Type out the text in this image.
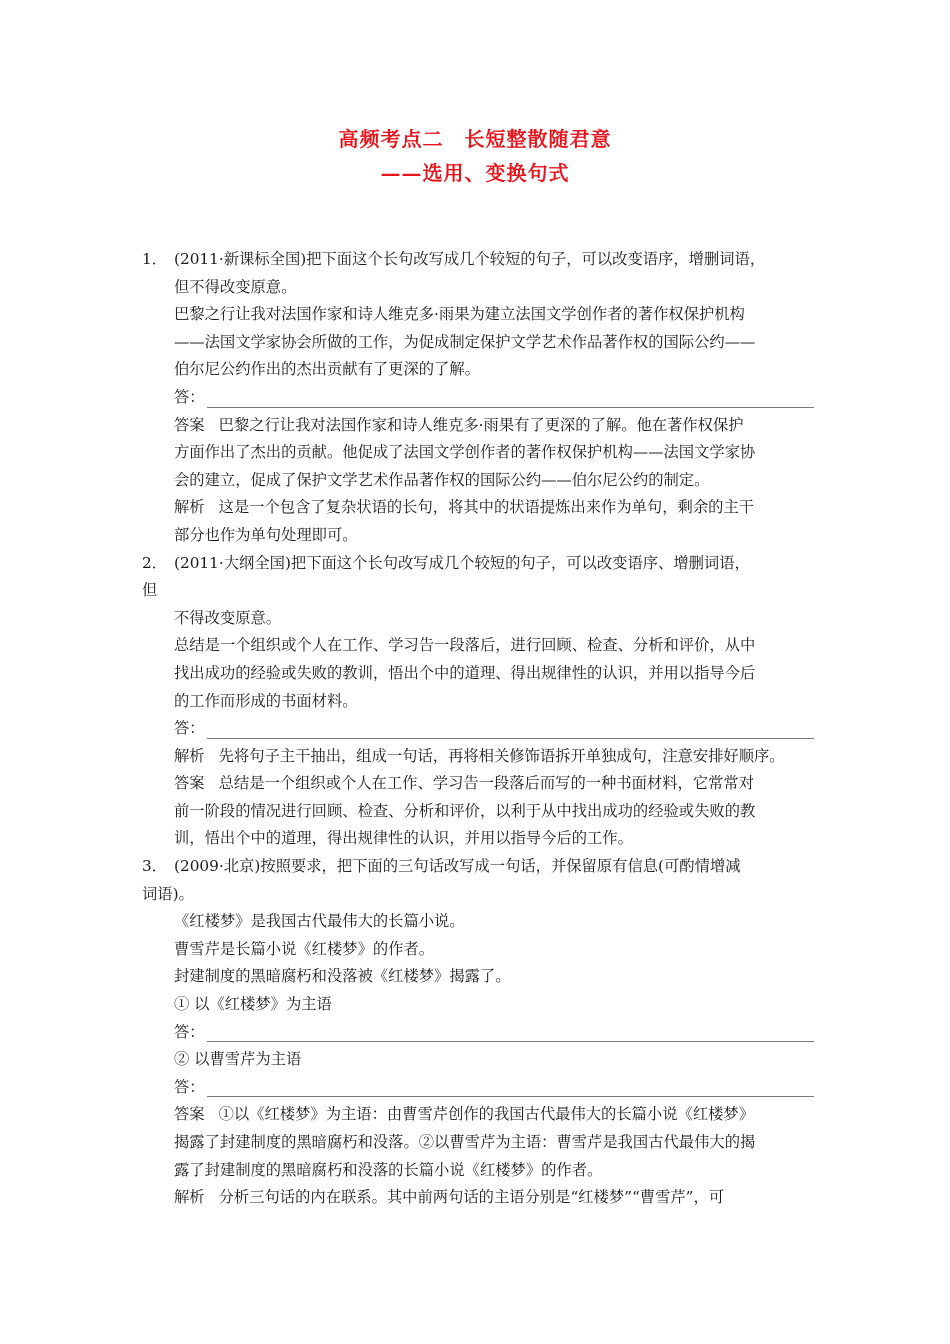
高频考点二　长短整散随君意
——选用、变换句式
1． (2011·新课标全国)把下面这个长句改写成几个较短的句子，可以改变语序，增删词语，
但不得改变原意。
巴黎之行让我对法国作家和诗人维克多·雨果为建立法国文学创作者的著作权保护机构
——法国文学家协会所做的工作，为促成制定保护文学艺术作品著作权的国际公约——
伯尔尼公约作出的杰出贡献有了更深的了解。
答：
答案 巴黎之行让我对法国作家和诗人维克多·雨果有了更深的了解。他在著作权保护
方面作出了杰出的贡献。他促成了法国文学创作者的著作权保护机构——法国文学家协
会的建立，促成了保护文学艺术作品著作权的国际公约——伯尔尼公约的制定。
解析 这是一个包含了复杂状语的长句，将其中的状语提炼出来作为单句，剩余的主干
部分也作为单句处理即可。
2． (2011·大纲全国)把下面这个长句改写成几个较短的句子，可以改变语序、增删词语，
但
不得改变原意。
总结是一个组织或个人在工作、学习告一段落后，进行回顾、检查、分析和评价，从中
找出成功的经验或失败的教训，悟出个中的道理、得出规律性的认识，并用以指导今后
的工作而形成的书面材料。
答：
解析 先将句子主干抽出，组成一句话，再将相关修饰语拆开单独成句，注意安排好顺序。
答案 总结是一个组织或个人在工作、学习告一段落后而写的一种书面材料，它常常对
前一阶段的情况进行回顾、检查、分析和评价，以利于从中找出成功的经验或失败的教
训，悟出个中的道理，得出规律性的认识，并用以指导今后的工作。
3． (2009·北京)按照要求，把下面的三句话改写成一句话，并保留原有信息(可酌情增减
词语)。
《红楼梦》是我国古代最伟大的长篇小说。
曹雪芹是长篇小说《红楼梦》的作者。
封建制度的黑暗腐朽和没落被《红楼梦》揭露了。
① 以《红楼梦》为主语
答：
② 以曹雪芹为主语
答：
答案 ①以《红楼梦》为主语：由曹雪芹创作的我国古代最伟大的长篇小说《红楼梦》
揭露了封建制度的黑暗腐朽和没落。②以曹雪芹为主语：曹雪芹是我国古代最伟大的揭
露了封建制度的黑暗腐朽和没落的长篇小说《红楼梦》的作者。
解析 分析三句话的内在联系。其中前两句话的主语分别是“红楼梦”“曹雪芹”，可
